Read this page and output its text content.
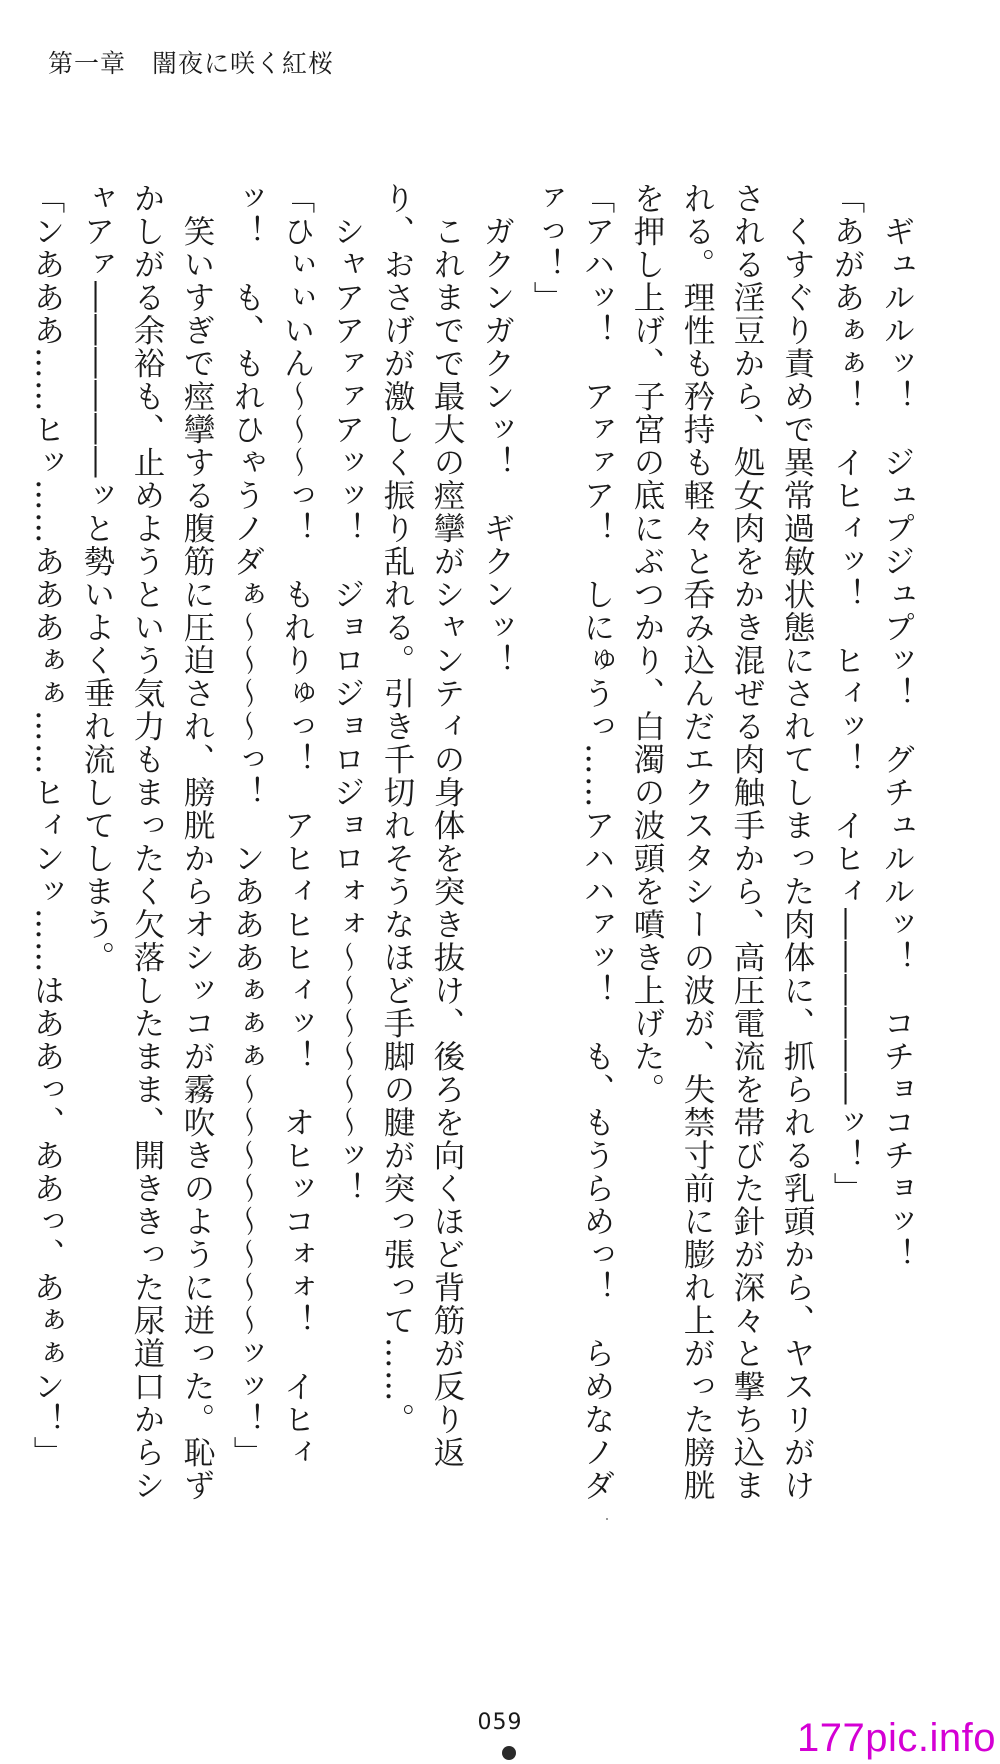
第一章　闇夜に咲く紅桜

　ギュルルッ！　ジュプジュプッ！　グチュルルッ！　コチョコチョッ！

「あがあぁぁ！　イヒィッ！　ヒィッ！　イヒィ――――――ッ！」

　くすぐり責めで異常過敏状態にされてしまった肉体に、抓られる乳頭から、ヤスリがけされる淫豆から、処女肉をかき混ぜる肉触手から、高圧電流を帯びた針が深々と撃ち込まれる。理性も矜持も軽々と呑み込んだエクスタシーの波が、失禁寸前に膨れ上がった膀胱を押し上げ、子宮の底にぶつかり、白濁の波頭を噴き上げた。

「アハッ！　アァァア！　しにゅうっ……アハハァッ！　も、もうらめっ！　らめなノダァっ！」

　ガクンガクンッ！　ギクンッ！

　これまでで最大の痙攣がシャンティの身体を突き抜け、後ろを向くほど背筋が反り返り、おさげが激しく振り乱れる。引き千切れそうなほど手脚の腱が突っ張って……。

　シャアアァァアッッ！　ジョロジョロジョロォォ～～～～～～ッ！

「ひぃぃいん～～～っ！　もれりゅっ！　アヒィヒヒィッ！　オヒッコォォ！　イヒィッ！　も、もれひゃうノダぁ～～～～っ！　ンあああぁぁぁ～～～～～～～～ッッ！」

　笑いすぎで痙攣する腹筋に圧迫され、膀胱からオシッコが霧吹きのように迸った。恥ずかしがる余裕も、止めようという気力もまったく欠落したまま、開ききった尿道口からシャアァ――――――ッと勢いよく垂れ流してしまう。

「ンあああ……ヒッ……あああぁぁ……ヒィンッ……はああっ、ああっ、あぁぁン！」

059	177pic.info
